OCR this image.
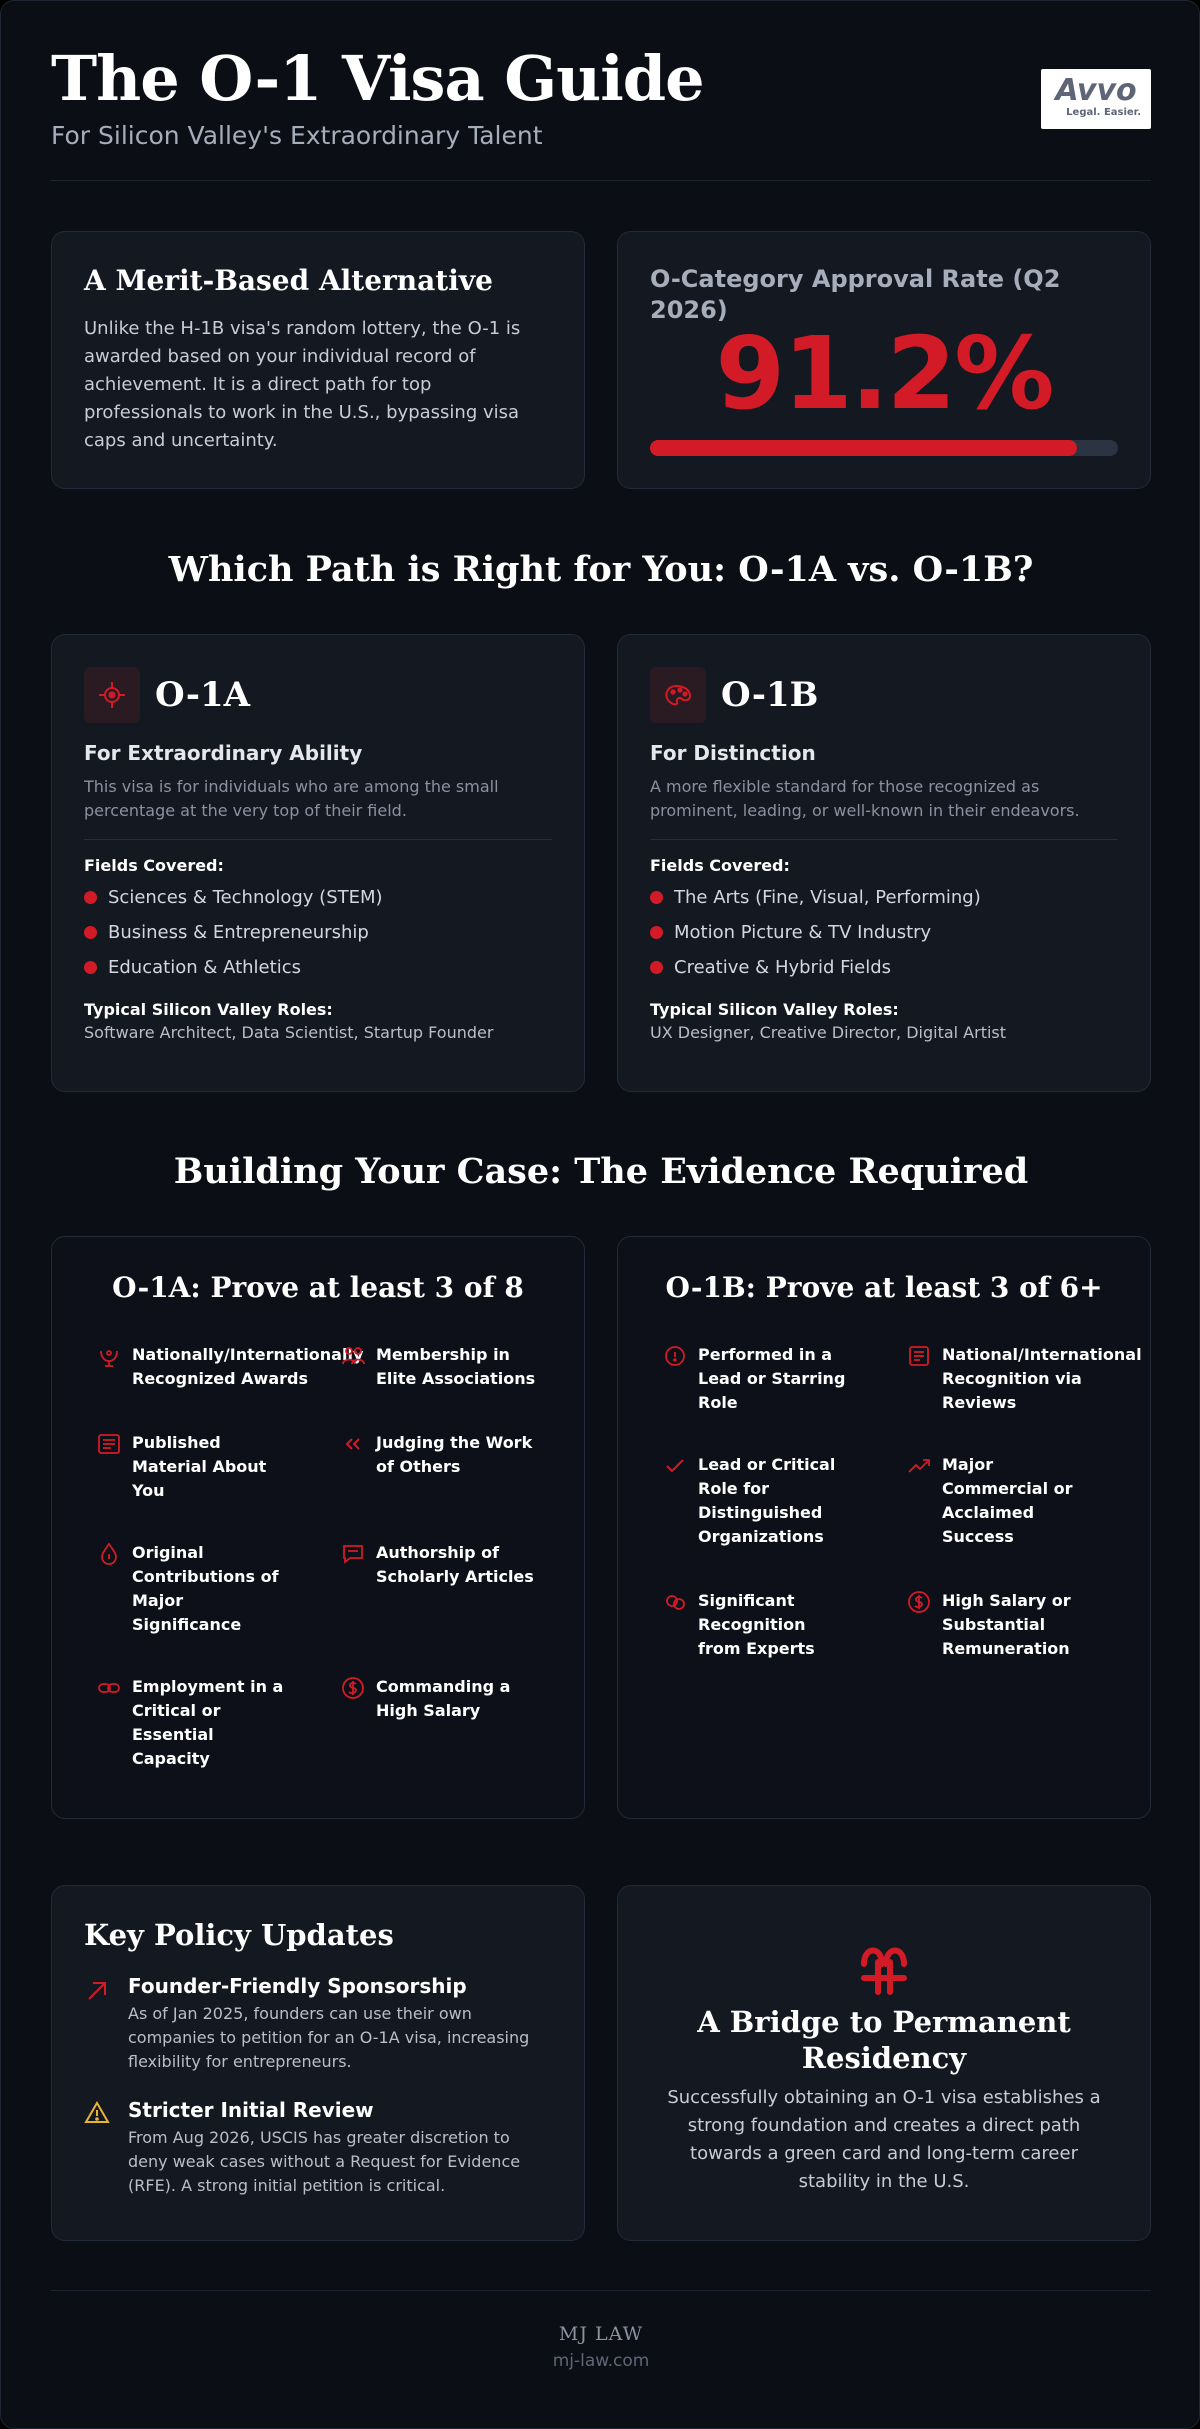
The O-1 Visa Guide
For Silicon Valley's Extraordinary Talent
Avvo
Legal. Easier.
A Merit-Based Alternative
Unlike the H-1B visa's random lottery, the O-1 is awarded based on your individual record of achievement. It is a direct path for top professionals to work in the U.S., bypassing visa caps and uncertainty.
O-Category Approval Rate (Q2 2026)
91.2%
Which Path is Right for You: O-1A vs. O-1B?
O-1A
For Extraordinary Ability
This visa is for individuals who are among the small percentage at the very top of their field.
Fields Covered:
Sciences & Technology (STEM)
Business & Entrepreneurship
Education & Athletics
Typical Silicon Valley Roles:
Software Architect, Data Scientist, Startup Founder
O-1B
For Distinction
A more flexible standard for those recognized as prominent, leading, or well-known in their endeavors.
Fields Covered:
The Arts (Fine, Visual, Performing)
Motion Picture & TV Industry
Creative & Hybrid Fields
Typical Silicon Valley Roles:
UX Designer, Creative Director, Digital Artist
Building Your Case: The Evidence Required
O-1A: Prove at least 3 of 8
Nationally/Internationally Recognized Awards
Membership in Elite Associations
Published Material About You
Judging the Work of Others
Original Contributions of Major Significance
Authorship of Scholarly Articles
Employment in a Critical or Essential Capacity
Commanding a High Salary
O-1B: Prove at least 3 of 6+
Performed in a Lead or Starring Role
National/International Recognition via Reviews
Lead or Critical Role for Distinguished Organizations
Major Commercial or Acclaimed Success
Significant Recognition from Experts
High Salary or Substantial Remuneration
Key Policy Updates
Founder-Friendly Sponsorship
As of Jan 2025, founders can use their own companies to petition for an O-1A visa, increasing flexibility for entrepreneurs.
Stricter Initial Review
From Aug 2026, USCIS has greater discretion to deny weak cases without a Request for Evidence (RFE). A strong initial petition is critical.
A Bridge to Permanent Residency
Successfully obtaining an O-1 visa establishes a strong foundation and creates a direct path towards a green card and long-term career stability in the U.S.
MJ LAW
mj-law.com
